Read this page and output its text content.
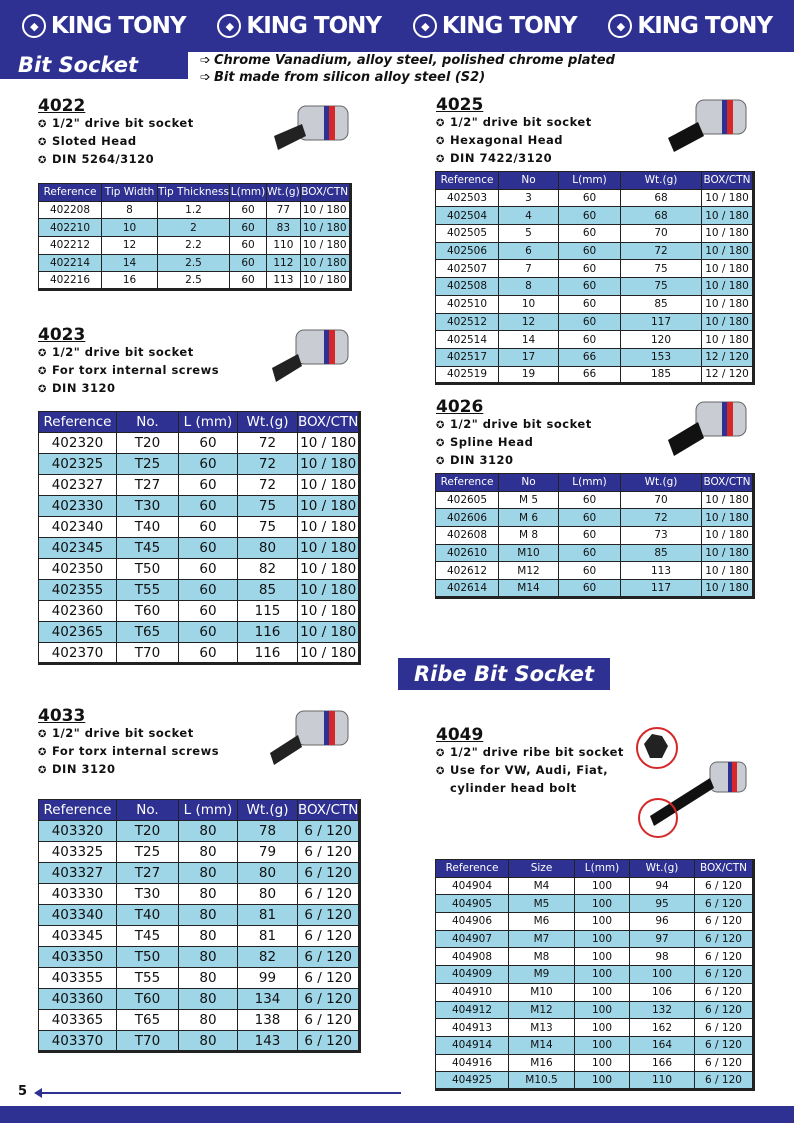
◆ KING TONY	◆ KING TONY	◆ KING TONY	◆ KING TONY
Bit Socket	➩ Chrome Vanadium, alloy steel, polished chrome plated
➩ Bit made from silicon alloy steel (S2)
4022
✪ 1/2" drive bit socket
✪ Sloted Head
✪ DIN 5264/3120
Reference	Tip Width	Tip Thickness	L(mm)	Wt.(g)	BOX/CTN
402208	8	1.2	60	77	10 / 180
402210	10	2	60	83	10 / 180
402212	12	2.2	60	110	10 / 180
402214	14	2.5	60	112	10 / 180
402216	16	2.5	60	113	10 / 180
4023
✪ 1/2" drive bit socket
✪ For torx internal screws
✪ DIN 3120
Reference	No.	L (mm)	Wt.(g)	BOX/CTN
402320	T20	60	72	10 / 180
402325	T25	60	72	10 / 180
402327	T27	60	72	10 / 180
402330	T30	60	75	10 / 180
402340	T40	60	75	10 / 180
402345	T45	60	80	10 / 180
402350	T50	60	82	10 / 180
402355	T55	60	85	10 / 180
402360	T60	60	115	10 / 180
402365	T65	60	116	10 / 180
402370	T70	60	116	10 / 180
4033
✪ 1/2" drive bit socket
✪ For torx internal screws
✪ DIN 3120
Reference	No.	L (mm)	Wt.(g)	BOX/CTN
403320	T20	80	78	6 / 120
403325	T25	80	79	6 / 120
403327	T27	80	80	6 / 120
403330	T30	80	80	6 / 120
403340	T40	80	81	6 / 120
403345	T45	80	81	6 / 120
403350	T50	80	82	6 / 120
403355	T55	80	99	6 / 120
403360	T60	80	134	6 / 120
403365	T65	80	138	6 / 120
403370	T70	80	143	6 / 120
4025
✪ 1/2" drive bit socket
✪ Hexagonal Head
✪ DIN 7422/3120
Reference	No	L(mm)	Wt.(g)	BOX/CTN
402503	3	60	68	10 / 180
402504	4	60	68	10 / 180
402505	5	60	70	10 / 180
402506	6	60	72	10 / 180
402507	7	60	75	10 / 180
402508	8	60	75	10 / 180
402510	10	60	85	10 / 180
402512	12	60	117	10 / 180
402514	14	60	120	10 / 180
402517	17	66	153	12 / 120
402519	19	66	185	12 / 120
4026
✪ 1/2" drive bit socket
✪ Spline Head
✪ DIN 3120
Reference	No	L(mm)	Wt.(g)	BOX/CTN
402605	M 5	60	70	10 / 180
402606	M 6	60	72	10 / 180
402608	M 8	60	73	10 / 180
402610	M10	60	85	10 / 180
402612	M12	60	113	10 / 180
402614	M14	60	117	10 / 180
Ribe Bit Socket
4049
✪ 1/2" drive ribe bit socket
✪ Use for VW, Audi, Fiat,
cylinder head bolt
Reference	Size	L(mm)	Wt.(g)	BOX/CTN
404904	M4	100	94	6 / 120
404905	M5	100	95	6 / 120
404906	M6	100	96	6 / 120
404907	M7	100	97	6 / 120
404908	M8	100	98	6 / 120
404909	M9	100	100	6 / 120
404910	M10	100	106	6 / 120
404912	M12	100	132	6 / 120
404913	M13	100	162	6 / 120
404914	M14	100	164	6 / 120
404916	M16	100	166	6 / 120
404925	M10.5	100	110	6 / 120
5
